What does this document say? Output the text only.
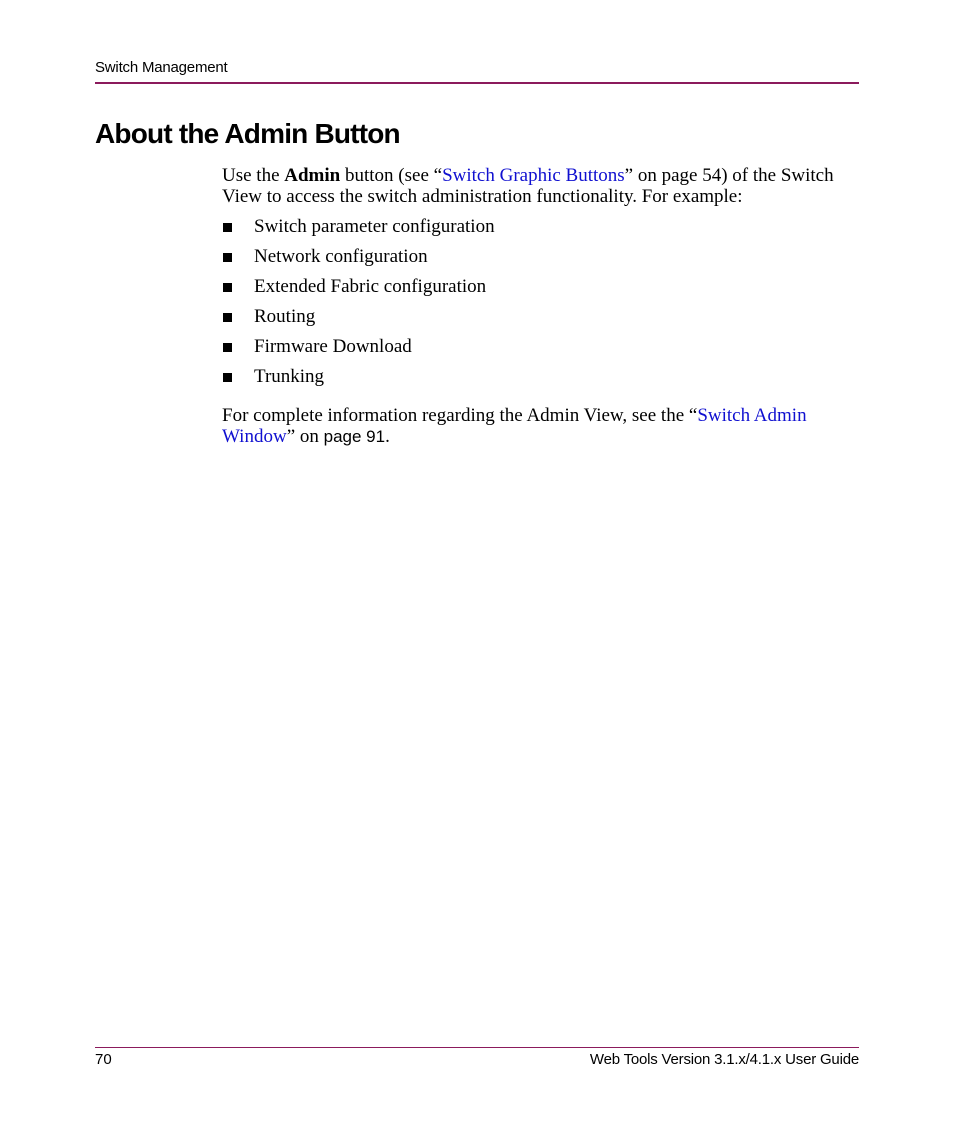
Switch Management
About the Admin Button

Use the Admin button (see “Switch Graphic Buttons” on page 54) of the Switch View to access the switch administration functionality. For example:

Switch parameter configuration
Network configuration
Extended Fabric configuration
Routing
Firmware Download
Trunking

For complete information regarding the Admin View, see the “Switch Admin Window” on page 91.

70	Web Tools Version 3.1.x/4.1.x User Guide
